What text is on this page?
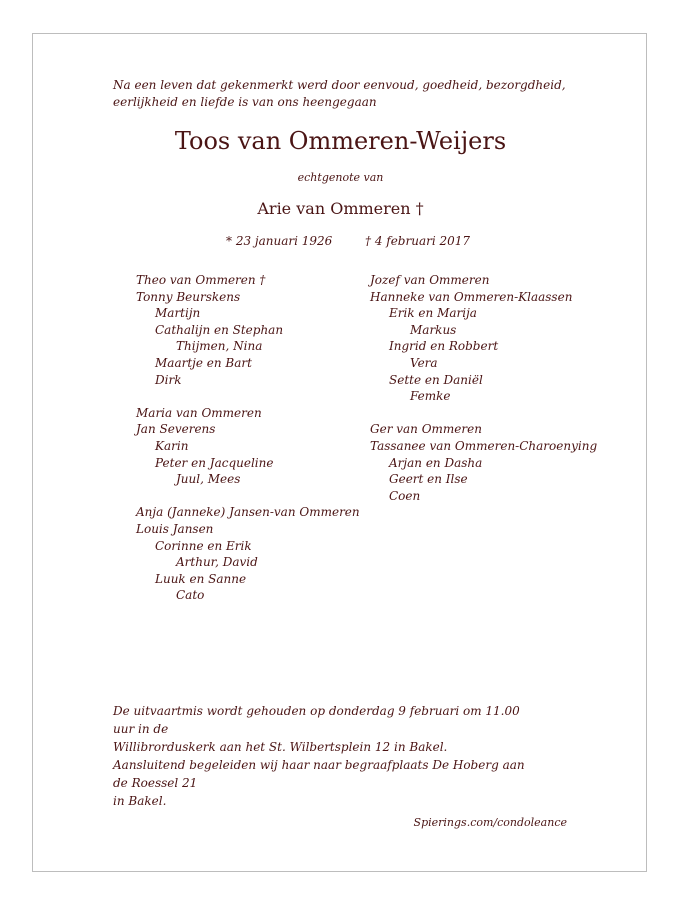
Na een leven dat gekenmerkt werd door eenvoud, goedheid, bezorgdheid, eerlijkheid en liefde is van ons heengegaan
Toos van Ommeren-Weijers
echtgenote van
Arie van Ommeren †
* 23 januari 1926	† 4 februari 2017
Theo van Ommeren †
Tonny Beurskens
Martijn
Cathalijn en Stephan
Thijmen, Nina
Maartje en Bart
Dirk
Maria van Ommeren
Jan Severens
Karin
Peter en Jacqueline
Juul, Mees
Anja (Janneke) Jansen-van Ommeren
Louis Jansen
Corinne en Erik
Arthur, David
Luuk en Sanne
Cato
Jozef van Ommeren
Hanneke van Ommeren-Klaassen
Erik en Marija
Markus
Ingrid en Robbert
Vera
Sette en Daniël
Femke
Ger van Ommeren
Tassanee van Ommeren-Charoenying
Arjan en Dasha
Geert en Ilse
Coen
De uitvaartmis wordt gehouden op donderdag 9 februari om 11.00 uur in de
Willibrorduskerk aan het St. Wilbertsplein 12 in Bakel.
Aansluitend begeleiden wij haar naar begraafplaats De Hoberg aan de Roessel 21
in Bakel.
Spierings.com/condoleance
